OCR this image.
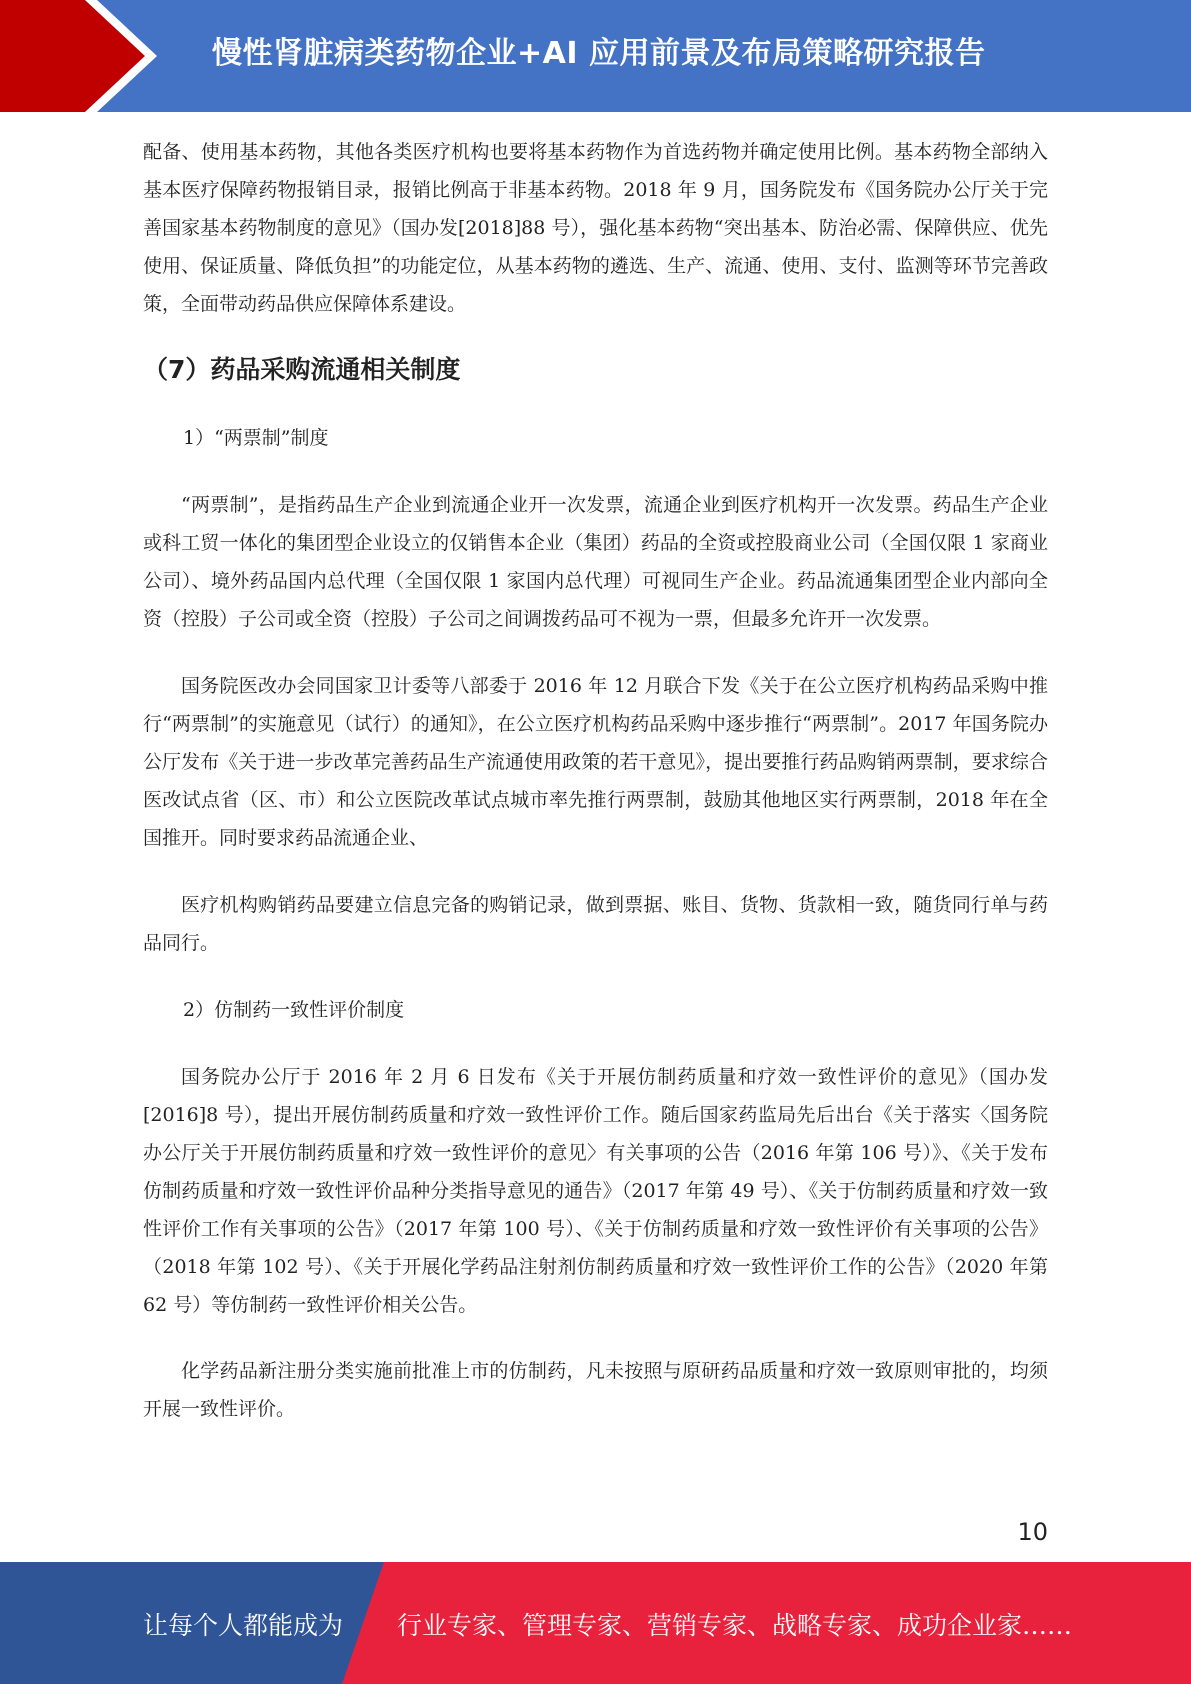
慢性肾脏病类药物企业+AI 应用前景及布局策略研究报告

配备、使用基本药物，其他各类医疗机构也要将基本药物作为首选药物并确定使用比例。基本药物全部纳入基本医疗保障药物报销目录，报销比例高于非基本药物。2018 年 9 月，国务院发布《国务院办公厅关于完善国家基本药物制度的意见》（国办发[2018]88 号），强化基本药物“突出基本、防治必需、保障供应、优先使用、保证质量、降低负担”的功能定位，从基本药物的遴选、生产、流通、使用、支付、监测等环节完善政策，全面带动药品供应保障体系建设。

（7）药品采购流通相关制度

1）“两票制”制度

“两票制”，是指药品生产企业到流通企业开一次发票，流通企业到医疗机构开一次发票。药品生产企业或科工贸一体化的集团型企业设立的仅销售本企业（集团）药品的全资或控股商业公司（全国仅限 1 家商业公司）、境外药品国内总代理（全国仅限 1 家国内总代理）可视同生产企业。药品流通集团型企业内部向全资（控股）子公司或全资（控股）子公司之间调拨药品可不视为一票，但最多允许开一次发票。

国务院医改办会同国家卫计委等八部委于 2016 年 12 月联合下发《关于在公立医疗机构药品采购中推行“两票制”的实施意见（试行）的通知》，在公立医疗机构药品采购中逐步推行“两票制”。2017 年国务院办公厅发布《关于进一步改革完善药品生产流通使用政策的若干意见》，提出要推行药品购销两票制，要求综合医改试点省（区、市）和公立医院改革试点城市率先推行两票制，鼓励其他地区实行两票制，2018 年在全国推开。同时要求药品流通企业、

医疗机构购销药品要建立信息完备的购销记录，做到票据、账目、货物、货款相一致，随货同行单与药品同行。

2）仿制药一致性评价制度

国务院办公厅于 2016 年 2 月 6 日发布《关于开展仿制药质量和疗效一致性评价的意见》（国办发[2016]8 号），提出开展仿制药质量和疗效一致性评价工作。随后国家药监局先后出台《关于落实〈国务院办公厅关于开展仿制药质量和疗效一致性评价的意见〉有关事项的公告（2016 年第 106 号）》、《关于发布仿制药质量和疗效一致性评价品种分类指导意见的通告》（2017 年第 49 号）、《关于仿制药质量和疗效一致性评价工作有关事项的公告》（2017 年第 100 号）、《关于仿制药质量和疗效一致性评价有关事项的公告》（2018 年第 102 号）、《关于开展化学药品注射剂仿制药质量和疗效一致性评价工作的公告》（2020 年第 62 号）等仿制药一致性评价相关公告。

化学药品新注册分类实施前批准上市的仿制药，凡未按照与原研药品质量和疗效一致原则审批的，均须开展一致性评价。

10
让每个人都能成为 行业专家、管理专家、营销专家、战略专家、成功企业家……
